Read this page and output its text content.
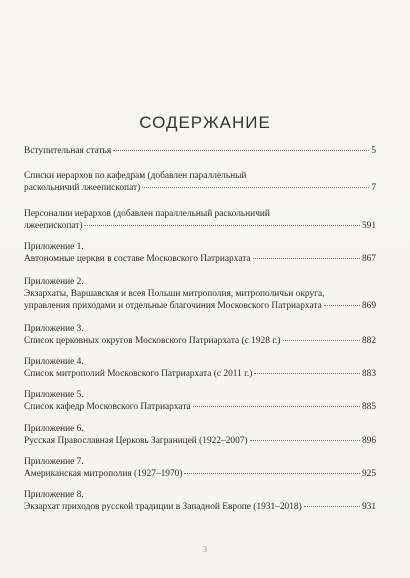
СОДЕРЖАНИЕ
Вступительная статья	5
Списки иерархов по кафедрам (добавлен параллельный
раскольничий лжеепископат)	7
Персоналии иерархов (добавлен параллельный раскольничий
лжеепископат)	591
Приложение 1.
Автономные церкви в составе Московского Патриархата	867
Приложение 2.
Экзархаты, Варшавская и всея Польши митрополия, митрополичьи округа,
управления приходами и отдельные благочиния Московского Патриархата	869
Приложение 3.
Список церковных округов Московского Патриархата (с 1928 г.)	882
Приложение 4.
Список митрополий Московского Патриархата (с 2011 г.)	883
Приложение 5.
Список кафедр Московского Патриархата	885
Приложение 6.
Русская Православная Церковь Заграницей (1922–2007)	896
Приложение 7.
Американская митрополия (1927–1970)	925
Приложение 8.
Экзархат приходов русской традиции в Западной Европе (1931–2018)	931
3
